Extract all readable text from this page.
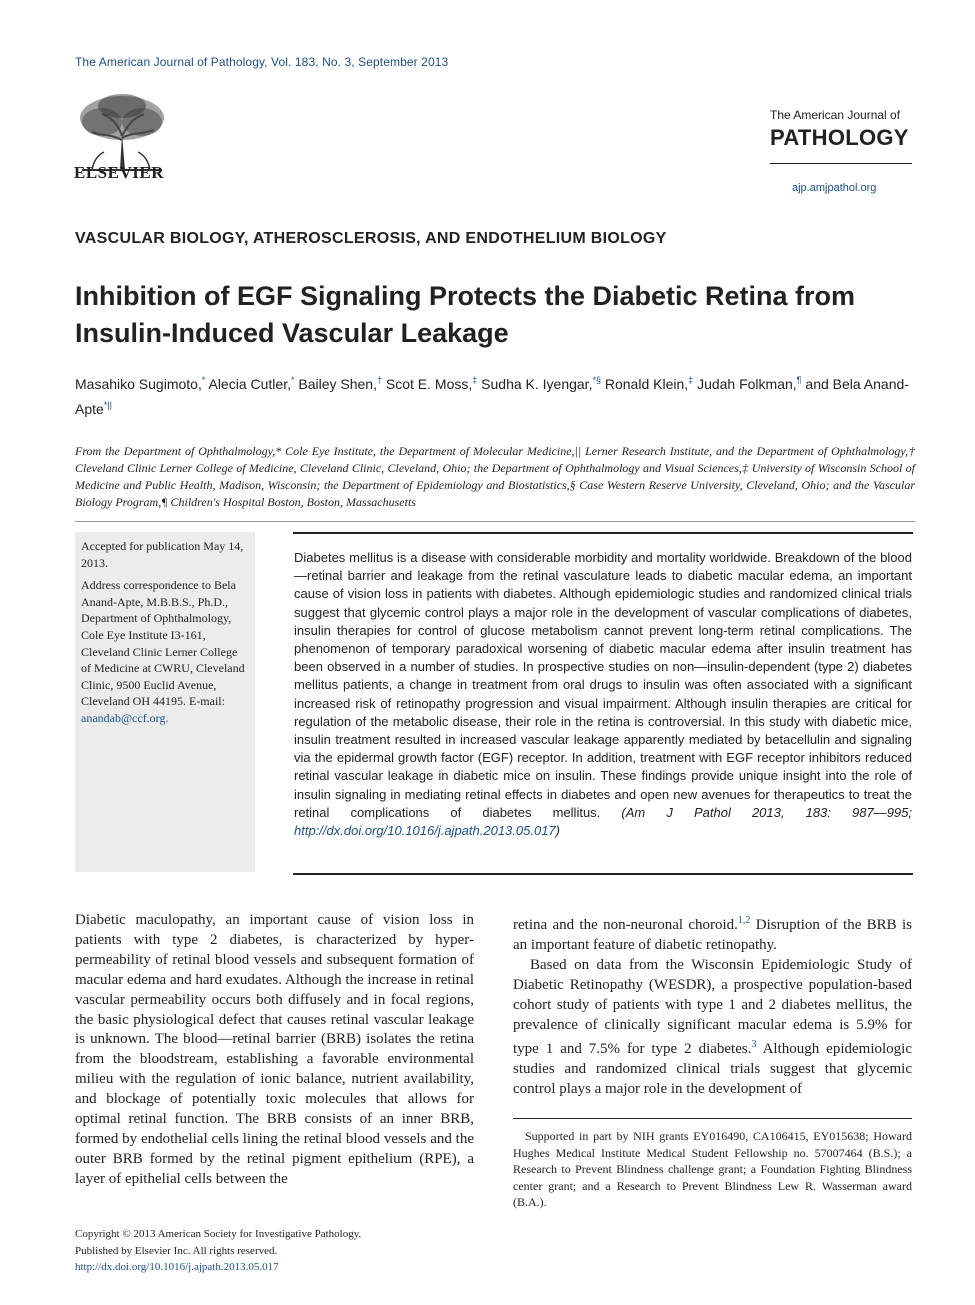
The American Journal of Pathology, Vol. 183, No. 3, September 2013
ELSEVIER
The American Journal of
PATHOLOGY
ajp.amjpathol.org
VASCULAR BIOLOGY, ATHEROSCLEROSIS, AND ENDOTHELIUM BIOLOGY
Inhibition of EGF Signaling Protects the Diabetic Retina from Insulin-Induced Vascular Leakage
Masahiko Sugimoto,* Alecia Cutler,* Bailey Shen,† Scot E. Moss,‡ Sudha K. Iyengar,*§ Ronald Klein,‡ Judah Folkman,¶ and Bela Anand-Apte*||
From the Department of Ophthalmology,* Cole Eye Institute, the Department of Molecular Medicine,|| Lerner Research Institute, and the Department of Ophthalmology,† Cleveland Clinic Lerner College of Medicine, Cleveland Clinic, Cleveland, Ohio; the Department of Ophthalmology and Visual Sciences,‡ University of Wisconsin School of Medicine and Public Health, Madison, Wisconsin; the Department of Epidemiology and Biostatistics,§ Case Western Reserve University, Cleveland, Ohio; and the Vascular Biology Program,¶ Children's Hospital Boston, Boston, Massachusetts

Accepted for publication May 14, 2013.

Address correspondence to Bela Anand-Apte, M.B.B.S., Ph.D., Department of Ophthalmology, Cole Eye Institute I3-161, Cleveland Clinic Lerner College of Medicine at CWRU, Cleveland Clinic, 9500 Euclid Avenue, Cleveland OH 44195. E-mail: anandab@ccf.org.

Diabetes mellitus is a disease with considerable morbidity and mortality worldwide. Breakdown of the blood—retinal barrier and leakage from the retinal vasculature leads to diabetic macular edema, an important cause of vision loss in patients with diabetes. Although epidemiologic studies and randomized clinical trials suggest that glycemic control plays a major role in the development of vascular complications of diabetes, insulin therapies for control of glucose metabolism cannot prevent long-term retinal complications. The phenomenon of temporary paradoxical worsening of diabetic macular edema after insulin treatment has been observed in a number of studies. In prospective studies on non—insulin-dependent (type 2) diabetes mellitus patients, a change in treatment from oral drugs to insulin was often associated with a significant increased risk of retinopathy progression and visual impairment. Although insulin therapies are critical for regulation of the metabolic disease, their role in the retina is controversial. In this study with diabetic mice, insulin treatment resulted in increased vascular leakage apparently mediated by betacellulin and signaling via the epidermal growth factor (EGF) receptor. In addition, treatment with EGF receptor inhibitors reduced retinal vascular leakage in diabetic mice on insulin. These findings provide unique insight into the role of insulin signaling in mediating retinal effects in diabetes and open new avenues for therapeutics to treat the retinal complications of diabetes mellitus. (Am J Pathol 2013, 183: 987—995; http://dx.doi.org/10.1016/j.ajpath.2013.05.017)

Diabetic maculopathy, an important cause of vision loss in patients with type 2 diabetes, is characterized by hyper-permeability of retinal blood vessels and subsequent formation of macular edema and hard exudates. Although the increase in retinal vascular permeability occurs both diffusely and in focal regions, the basic physiological defect that causes retinal vascular leakage is unknown. The blood—retinal barrier (BRB) isolates the retina from the bloodstream, establishing a favorable environmental milieu with the regulation of ionic balance, nutrient availability, and blockage of potentially toxic molecules that allows for optimal retinal function. The BRB consists of an inner BRB, formed by endothelial cells lining the retinal blood vessels and the outer BRB formed by the retinal pigment epithelium (RPE), a layer of epithelial cells between the

retina and the non-neuronal choroid.$^{1,2}$ Disruption of the BRB is an important feature of diabetic retinopathy.

Based on data from the Wisconsin Epidemiologic Study of Diabetic Retinopathy (WESDR), a prospective population-based cohort study of patients with type 1 and 2 diabetes mellitus, the prevalence of clinically significant macular edema is 5.9% for type 1 and 7.5% for type 2 diabetes.$^3$ Although epidemiologic studies and randomized clinical trials suggest that glycemic control plays a major role in the development of

Supported in part by NIH grants EY016490, CA106415, EY015638; Howard Hughes Medical Institute Medical Student Fellowship no. 57007464 (B.S.); a Research to Prevent Blindness challenge grant; a Foundation Fighting Blindness center grant; and a Research to Prevent Blindness Lew R. Wasserman award (B.A.).
Copyright © 2013 American Society for Investigative Pathology.
Published by Elsevier Inc. All rights reserved.
http://dx.doi.org/10.1016/j.ajpath.2013.05.017
